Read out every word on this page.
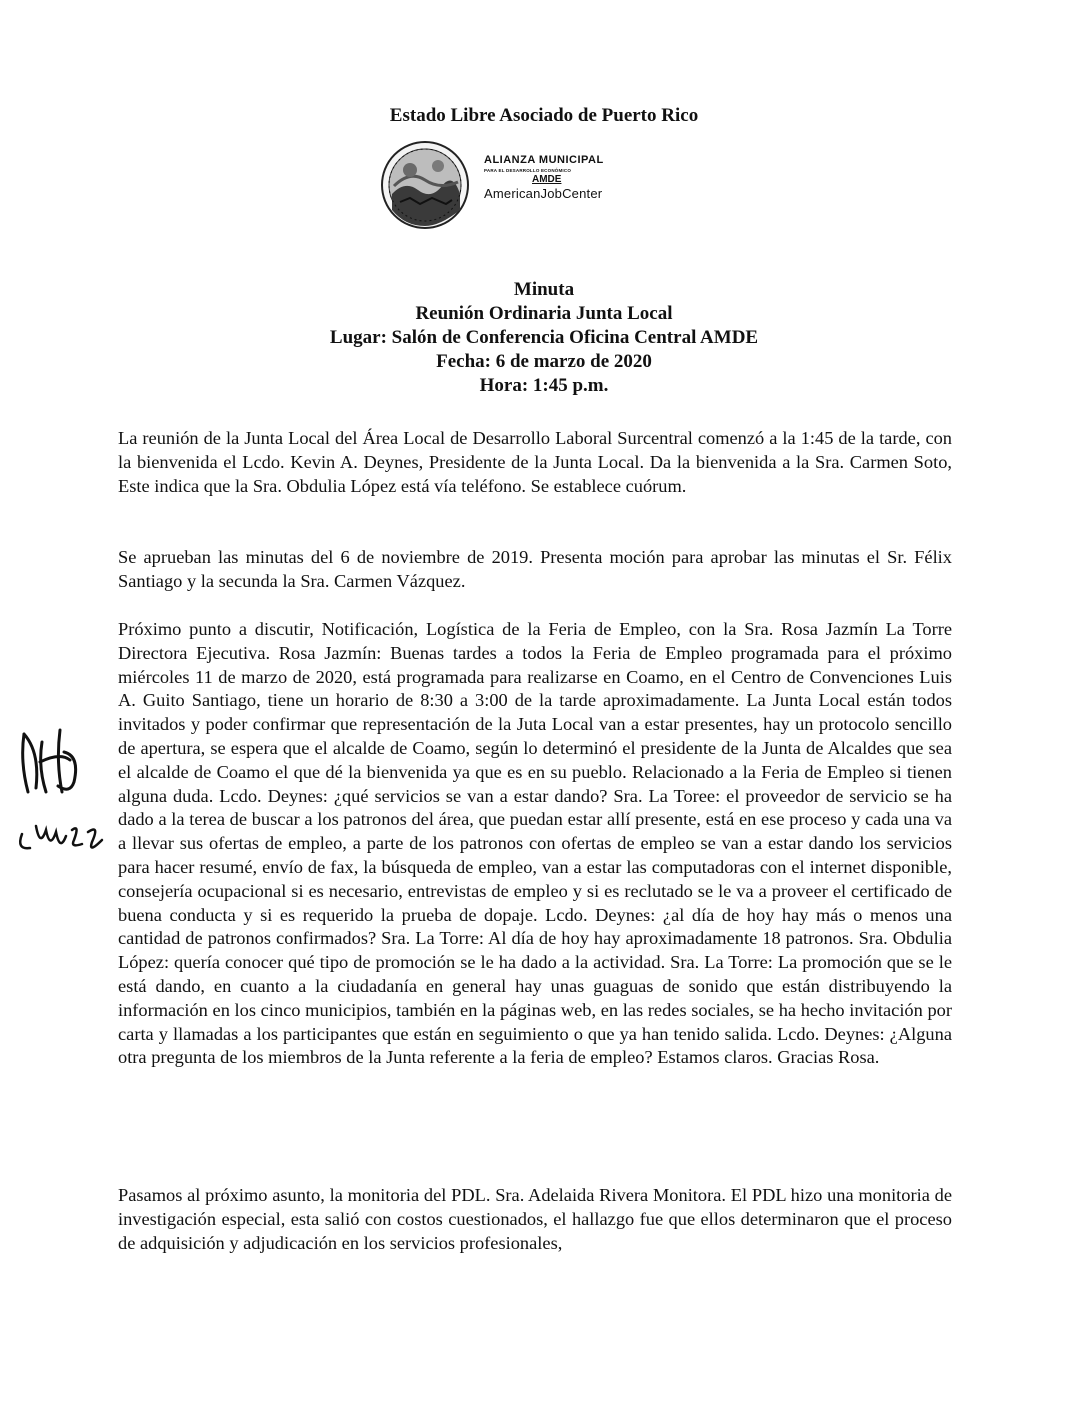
Estado Libre Asociado de Puerto Rico
ALIANZA MUNICIPAL
PARA EL DESARROLLO ECONÓMICO
AMDE
AmericanJobCenter
Minuta
Reunión Ordinaria Junta Local
Lugar: Salón de Conferencia Oficina Central AMDE
Fecha: 6 de marzo de 2020
Hora: 1:45 p.m.

La reunión de la Junta Local del Área Local de Desarrollo Laboral Surcentral comenzó a la 1:45 de la tarde, con la bienvenida el Lcdo. Kevin A. Deynes, Presidente de la Junta Local. Da la bienvenida a la Sra. Carmen Soto, Este indica que la Sra. Obdulia López está vía teléfono. Se establece cuórum.

Se aprueban las minutas del 6 de noviembre de 2019. Presenta moción para aprobar las minutas el Sr. Félix Santiago y la secunda la Sra. Carmen Vázquez.

Próximo punto a discutir, Notificación, Logística de la Feria de Empleo, con la Sra. Rosa Jazmín La Torre Directora Ejecutiva. Rosa Jazmín: Buenas tardes a todos la Feria de Empleo programada para el próximo miércoles 11 de marzo de 2020, está programada para realizarse en Coamo, en el Centro de Convenciones Luis A. Guito Santiago, tiene un horario de 8:30 a 3:00 de la tarde aproximadamente. La Junta Local están todos invitados y poder confirmar que representación de la Juta Local van a estar presentes, hay un protocolo sencillo de apertura, se espera que el alcalde de Coamo, según lo determinó el presidente de la Junta de Alcaldes que sea el alcalde de Coamo el que dé la bienvenida ya que es en su pueblo. Relacionado a la Feria de Empleo si tienen alguna duda. Lcdo. Deynes: ¿qué servicios se van a estar dando? Sra. La Toree: el proveedor de servicio se ha dado a la terea de buscar a los patronos del área, que puedan estar allí presente, está en ese proceso y cada una va a llevar sus ofertas de empleo, a parte de los patronos con ofertas de empleo se van a estar dando los servicios para hacer resumé, envío de fax, la búsqueda de empleo, van a estar las computadoras con el internet disponible, consejería ocupacional si es necesario, entrevistas de empleo y si es reclutado se le va a proveer el certificado de buena conducta y si es requerido la prueba de dopaje. Lcdo. Deynes: ¿al día de hoy hay más o menos una cantidad de patronos confirmados? Sra. La Torre: Al día de hoy hay aproximadamente 18 patronos. Sra. Obdulia López: quería conocer qué tipo de promoción se le ha dado a la actividad. Sra. La Torre: La promoción que se le está dando, en cuanto a la ciudadanía en general hay unas guaguas de sonido que están distribuyendo la información en los cinco municipios, también en la páginas web, en las redes sociales, se ha hecho invitación por carta y llamadas a los participantes que están en seguimiento o que ya han tenido salida. Lcdo. Deynes: ¿Alguna otra pregunta de los miembros de la Junta referente a la feria de empleo? Estamos claros. Gracias Rosa.

Pasamos al próximo asunto, la monitoria del PDL. Sra. Adelaida Rivera Monitora. El PDL hizo una monitoria de investigación especial, esta salió con costos cuestionados, el hallazgo fue que ellos determinaron que el proceso de adquisición y adjudicación en los servicios profesionales,
